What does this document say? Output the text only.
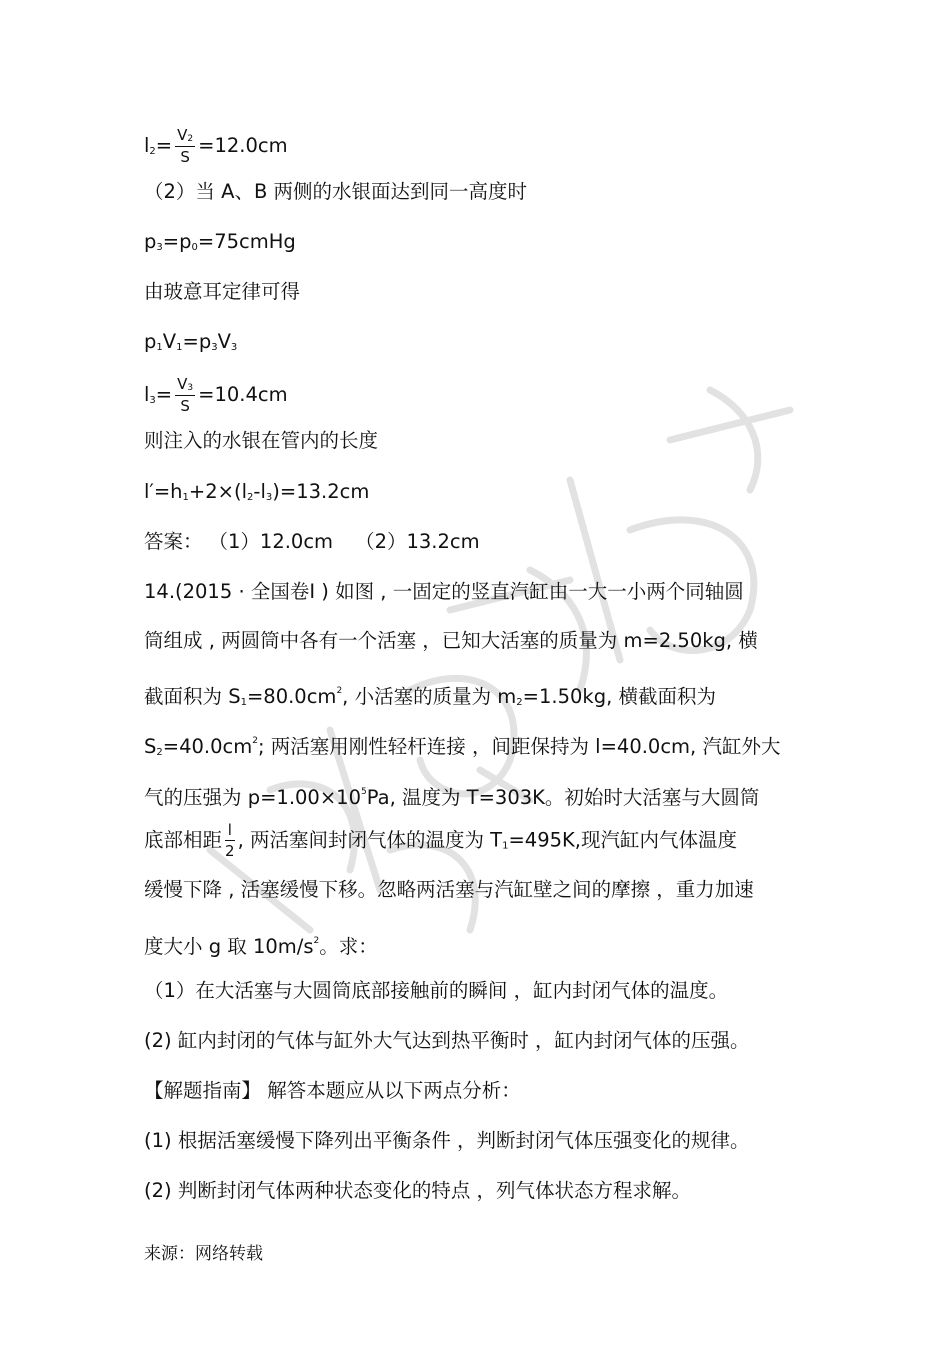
$l_2= \frac{V2}{S} =12.0cm$
（2）当 A、B 两侧的水银面达到同一高度时
$p_3=p_0=75cmHg$
由玻意耳定律可得
$p_1V_1=p_3V_3$
$l_3= \frac{V3}{S} =10.4cm$
则注入的水银在管内的长度
$l'=h_1+2\times(l_2-l_3)=13.2cm$
答案： （1）12.0cm （2）13.2cm
14.(2015 · 全国卷Ⅰ ) 如图 , 一固定的竖直汽缸由一大一小两个同轴圆
筒组成 , 两圆筒中各有一个活塞 ，已知大活塞的质量为 m=2.50kg, 横
截面积为 $S_1=80.0cm^2$, 小活塞的质量为 $m_2=1.50kg$, 横截面积为
$S_2=40.0cm^2$; 两活塞用刚性轻杆连接 ，间距保持为 l=40.0cm, 汽缸外大
气的压强为 $p=1.00\times 10^5Pa$, 温度为 T=303K。初始时大活塞与大圆筒
底部相距 $\frac{l}{2}$ , 两活塞间封闭气体的温度为 $T_1=495K$,现汽缸内气体温度
缓慢下降 , 活塞缓慢下移。忽略两活塞与汽缸壁之间的摩擦 ，重力加速
度大小 g 取 $10m/s^2$。求：
（1）在大活塞与大圆筒底部接触前的瞬间 ，缸内封闭气体的温度。
(2) 缸内封闭的气体与缸外大气达到热平衡时 ，缸内封闭气体的压强。
【解题指南】 解答本题应从以下两点分析：
(1) 根据活塞缓慢下降列出平衡条件 ，判断封闭气体压强变化的规律。
(2) 判断封闭气体两种状态变化的特点 ，列气体状态方程求解。
来源：网络转载
